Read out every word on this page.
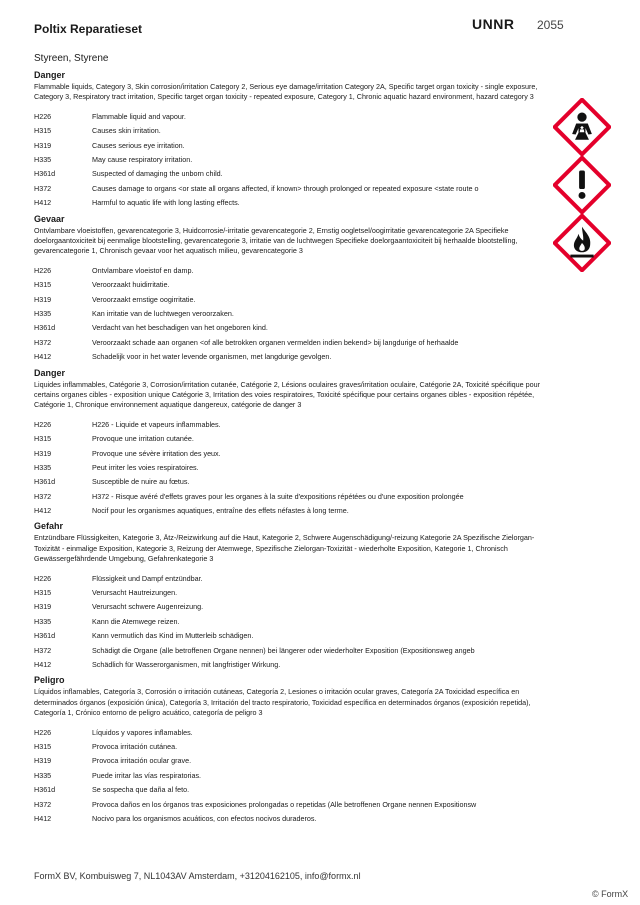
Poltix Reparatieset	UNNR 2055
Styreen, Styrene
Danger
Flammable liquids, Category 3, Skin corrosion/irritation Category 2, Serious eye damage/irritation Category 2A, Specific target organ toxicity - single exposure, Category 3, Respiratory tract irritation, Specific target organ toxicity - repeated exposure, Category 1, Chronic aquatic hazard environment, hazard category 3
H226	Flammable liquid and vapour.
H315	Causes skin irritation.
H319	Causes serious eye irritation.
H335	May cause respiratory irritation.
H361d	Suspected of damaging the unborn child.
H372	Causes damage to organs <or state all organs affected, if known> through prolonged or repeated exposure <state route o
H412	Harmful to aquatic life with long lasting effects.
Gevaar
Ontvlambare vloeistoffen, gevarencategorie 3, Huidcorrosie/-irritatie gevarencategorie 2, Ernstig oogletsel/oogirritatie gevarencategorie 2A Specifieke doelorgaantoxiciteit bij eenmalige blootstelling, gevarencategorie 3, irritatie van de luchtwegen Specifieke doelorgaantoxiciteit bij herhaalde blootstelling, gevarencategorie 1, Chronisch gevaar voor het aquatisch milieu, gevarencategorie 3
H226	Ontvlambare vloeistof en damp.
H315	Veroorzaakt huidirritatie.
H319	Veroorzaakt ernstige oogirritatie.
H335	Kan irritatie van de luchtwegen veroorzaken.
H361d	Verdacht van het beschadigen van het ongeboren kind.
H372	Veroorzaakt schade aan organen <of alle betrokken organen vermelden indien bekend> bij langdurige of herhaalde
H412	Schadelijk voor in het water levende organismen, met langdurige gevolgen.
Danger
Liquides inflammables, Catégorie 3, Corrosion/irritation cutanée, Catégorie 2, Lésions oculaires graves/irritation oculaire, Catégorie 2A, Toxicité spécifique pour certains organes cibles - exposition unique Catégorie 3, Irritation des voies respiratoires, Toxicité spécifique pour certains organes cibles - exposition répétée, Catégorie 1, Chronique environnement aquatique dangereux, catégorie de danger 3
H226	H226 - Liquide et vapeurs inflammables.
H315	Provoque une irritation cutanée.
H319	Provoque une sévère irritation des yeux.
H335	Peut irriter les voies respiratoires.
H361d	Susceptible de nuire au fœtus.
H372	H372 - Risque avéré d'effets graves pour les organes à la suite d'expositions répétées ou d'une exposition prolongée
H412	Nocif pour les organismes aquatiques, entraîne des effets néfastes à long terme.
Gefahr
Entzündbare Flüssigkeiten, Kategorie 3, Ätz-/Reizwirkung auf die Haut, Kategorie 2, Schwere Augenschädigung/-reizung Kategorie 2A Spezifische Zielorgan-Toxizität - einmalige Exposition, Kategorie 3, Reizung der Atemwege, Spezifische Zielorgan-Toxizität - wiederholte Exposition, Kategorie 1, Chronisch Gewässergefährdende Umgebung, Gefahrenkategorie 3
H226	Flüssigkeit und Dampf entzündbar.
H315	Verursacht Hautreizungen.
H319	Verursacht schwere Augenreizung.
H335	Kann die Atemwege reizen.
H361d	Kann vermutlich das Kind im Mutterleib schädigen.
H372	Schädigt die Organe (alle betroffenen Organe nennen) bei längerer oder wiederholter Exposition (Expositionsweg angeb
H412	Schädlich für Wasserorganismen, mit langfristiger Wirkung.
Peligro
Líquidos inflamables, Categoría 3, Corrosión o irritación cutáneas, Categoría 2, Lesiones o irritación ocular graves, Categoría 2A Toxicidad específica en determinados órganos (exposición única), Categoría 3, Irritación del tracto respiratorio, Toxicidad específica en determinados órganos (exposición repetida), Categoría 1, Crónico entorno de peligro acuático, categoría de peligro 3
H226	Líquidos y vapores inflamables.
H315	Provoca irritación cutánea.
H319	Provoca irritación ocular grave.
H335	Puede irritar las vías respiratorias.
H361d	Se sospecha que daña al feto.
H372	Provoca daños en los órganos tras exposiciones prolongadas o repetidas (Alle betroffenen Organe nennen Expositionsw
H412	Nocivo para los organismos acuáticos, con efectos nocivos duraderos.
FormX BV, Kombuisweg 7, NL1043AV Amsterdam, +31204162105, info@formx.nl
© FormX
